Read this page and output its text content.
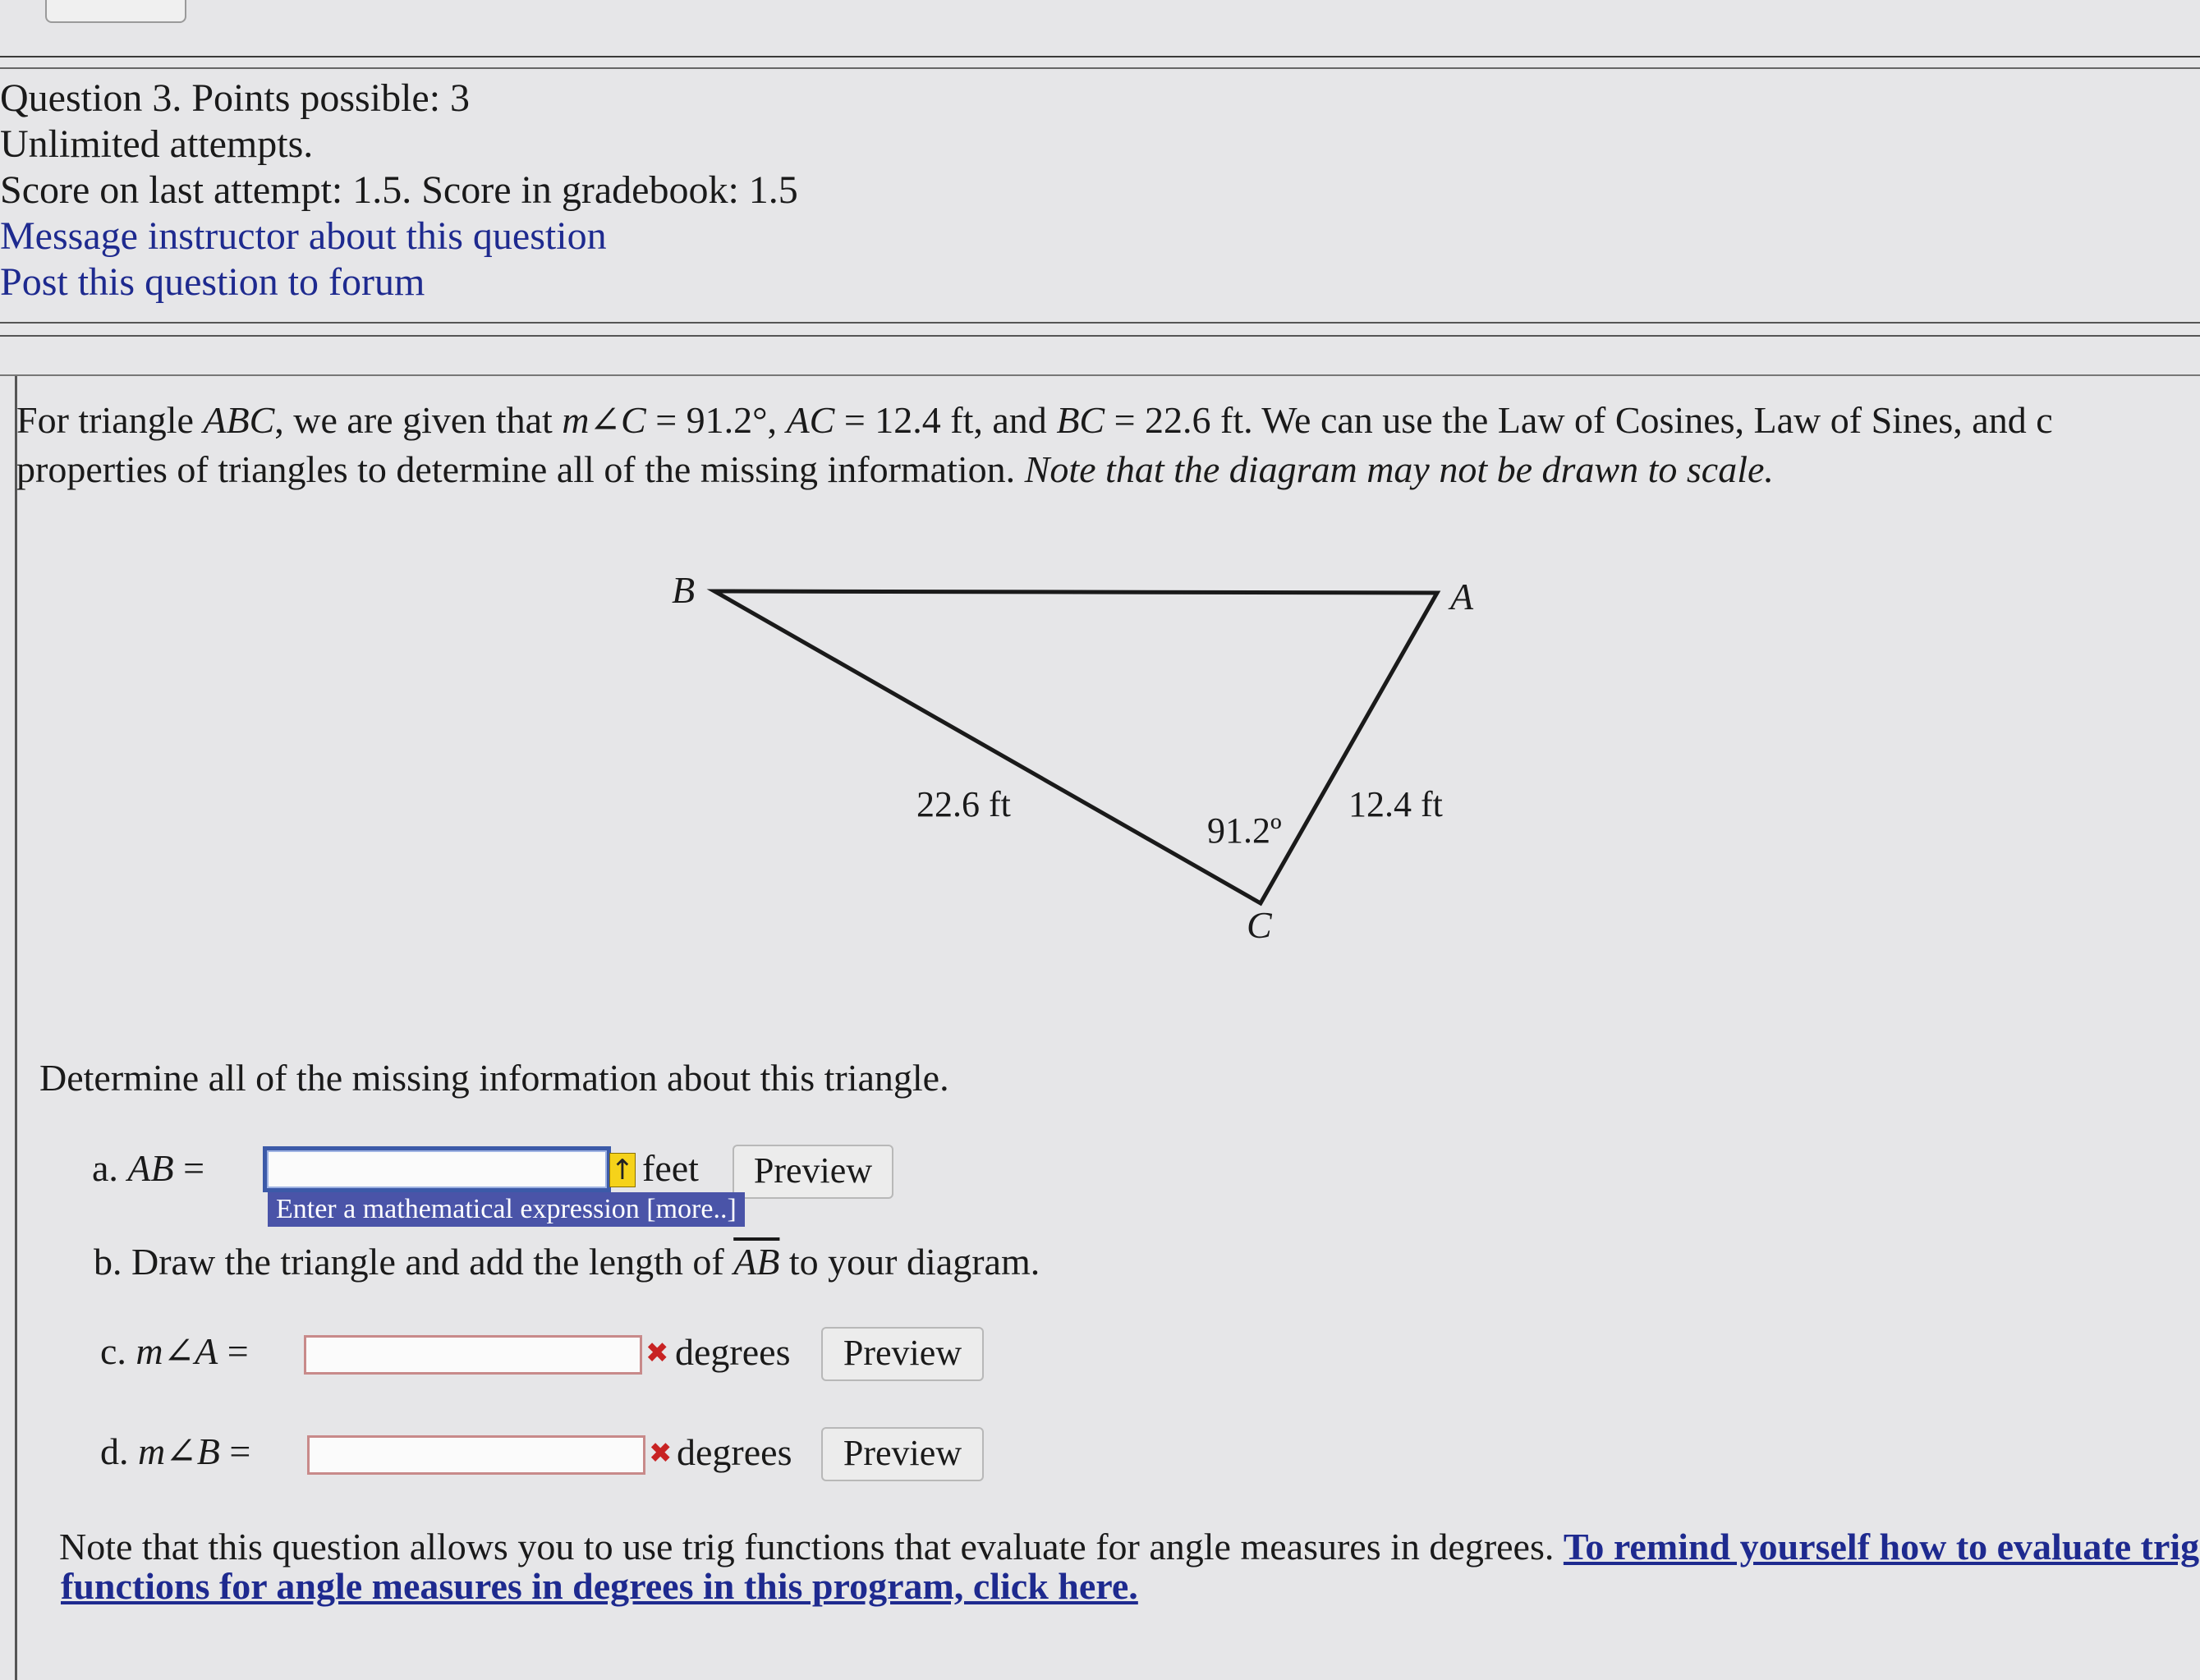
Question 3. Points possible: 3
Unlimited attempts.
Score on last attempt: 1.5. Score in gradebook: 1.5
Message instructor about this question
Post this question to forum
For triangle ABC, we are given that m∠C = 91.2°, AC = 12.4 ft, and BC = 22.6 ft. We can use the Law of Cosines, Law of Sines, and c
properties of triangles to determine all of the missing information. Note that the diagram may not be drawn to scale.
B	A
C
22.6 ft	12.4 ft
91.2º
Determine all of the missing information about this triangle.
a. AB =	↑ feet	Preview
Enter a mathematical expression [more..]
b. Draw the triangle and add the length of $\overline{AB}$ to your diagram.
c. m∠A =	✖ degrees	Preview
d. m∠B =	✖ degrees	Preview
Note that this question allows you to use trig functions that evaluate for angle measures in degrees. To remind yourself how to evaluate trig
functions for angle measures in degrees in this program, click here.
